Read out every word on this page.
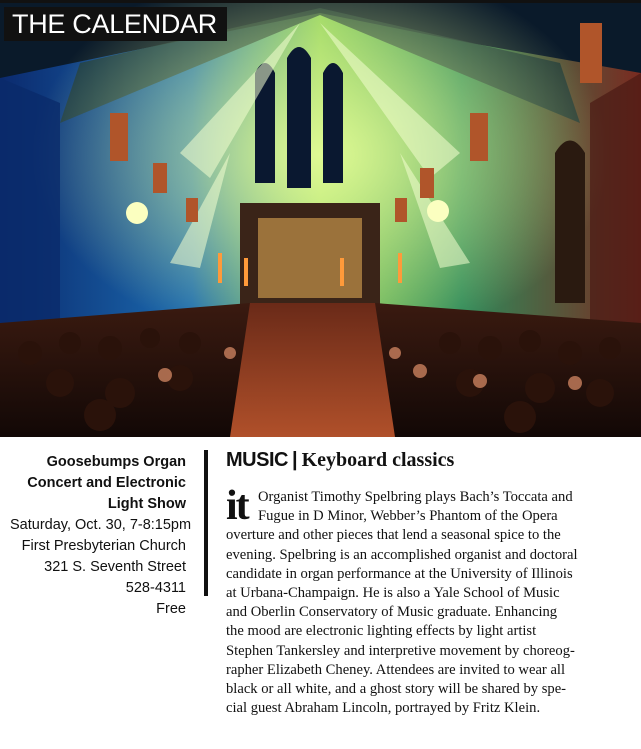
THE CALENDAR
Goosebumps Organ
Concert and Electronic
Light Show
Saturday, Oct. 30, 7-8:15pm
First Presbyterian Church
321 S. Seventh Street
528-4311
Free
MUSIC | Keyboard classics
it Organist Timothy Spelbring plays Bach’s Toccata and
Fugue in D Minor, Webber’s Phantom of the Opera
overture and other pieces that lend a seasonal spice to the
evening. Spelbring is an accomplished organist and doctoral
candidate in organ performance at the University of Illinois
at Urbana-Champaign. He is also a Yale School of Music
and Oberlin Conservatory of Music graduate. Enhancing
the mood are electronic lighting effects by light artist
Stephen Tankersley and interpretive movement by choreog-
rapher Elizabeth Cheney. Attendees are invited to wear all
black or all white, and a ghost story will be shared by spe-
cial guest Abraham Lincoln, portrayed by Fritz Klein.
